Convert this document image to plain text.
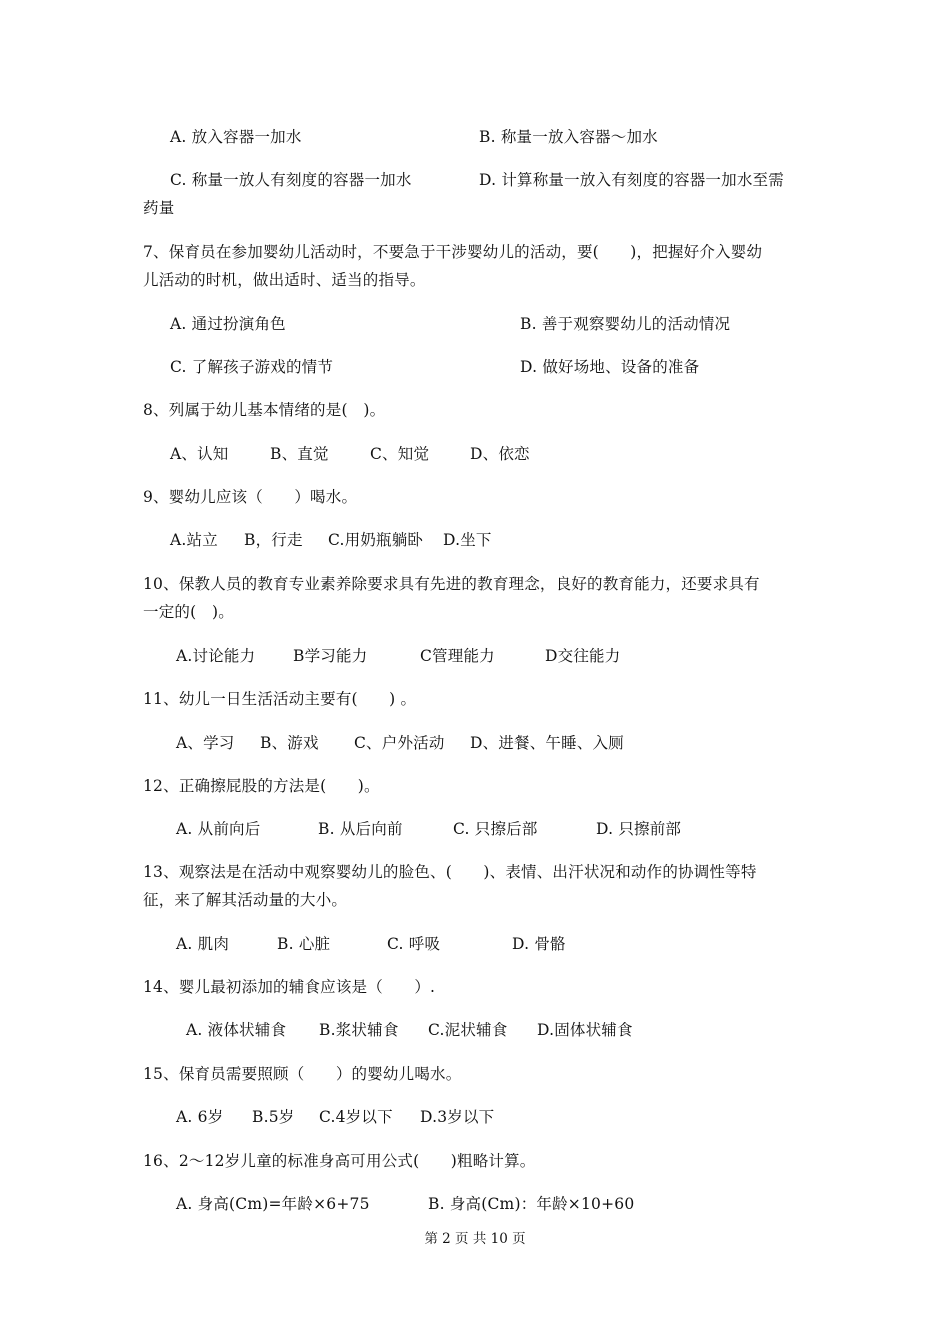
A. 放入容器一加水	B. 称量一放入容器～加水
C. 称量一放人有刻度的容器一加水	D. 计算称量一放入有刻度的容器一加水至需
药量
7、保育员在参加婴幼儿活动时，不要急于干涉婴幼儿的活动，要(　　)，把握好介入婴幼
儿活动的时机，做出适时、适当的指导。
A. 通过扮演角色	B. 善于观察婴幼儿的活动情况
C. 了解孩子游戏的情节	D. 做好场地、设备的准备
8、列属于幼儿基本情绪的是(　)。
A、认知	B、直觉	C、知觉	D、依恋
9、婴幼儿应该（　　）喝水。
A.站立 B，行走 C.用奶瓶躺卧 D.坐下
10、保教人员的教育专业素养除要求具有先进的教育理念，良好的教育能力，还要求具有
一定的(　)。
A.讨论能力 B学习能力	C管理能力	D交往能力
11、幼儿一日生活活动主要有(　　) 。
A、学习 B、游戏 C、户外活动 D、进餐、午睡、入厕
12、正确擦屁股的方法是(　　)。
A. 从前向后	B. 从后向前	C. 只擦后部	D. 只擦前部
13、观察法是在活动中观察婴幼儿的脸色、(　　)、表情、出汗状况和动作的协调性等特
征，来了解其活动量的大小。
A. 肌肉	B. 心脏	C. 呼吸	D. 骨骼
14、婴儿最初添加的辅食应该是（　　）.
A. 液体状辅食 B.浆状辅食 C.泥状辅食 D.固体状辅食
15、保育员需要照顾（　　）的婴幼儿喝水。
A. 6岁 B.5岁 C.4岁以下 D.3岁以下
16、2～12岁儿童的标准身高可用公式(　　)粗略计算。
A. 身高(Cm)=年龄×6+75	B. 身高(Cm)：年龄×10+60
第 2 页 共 10 页
